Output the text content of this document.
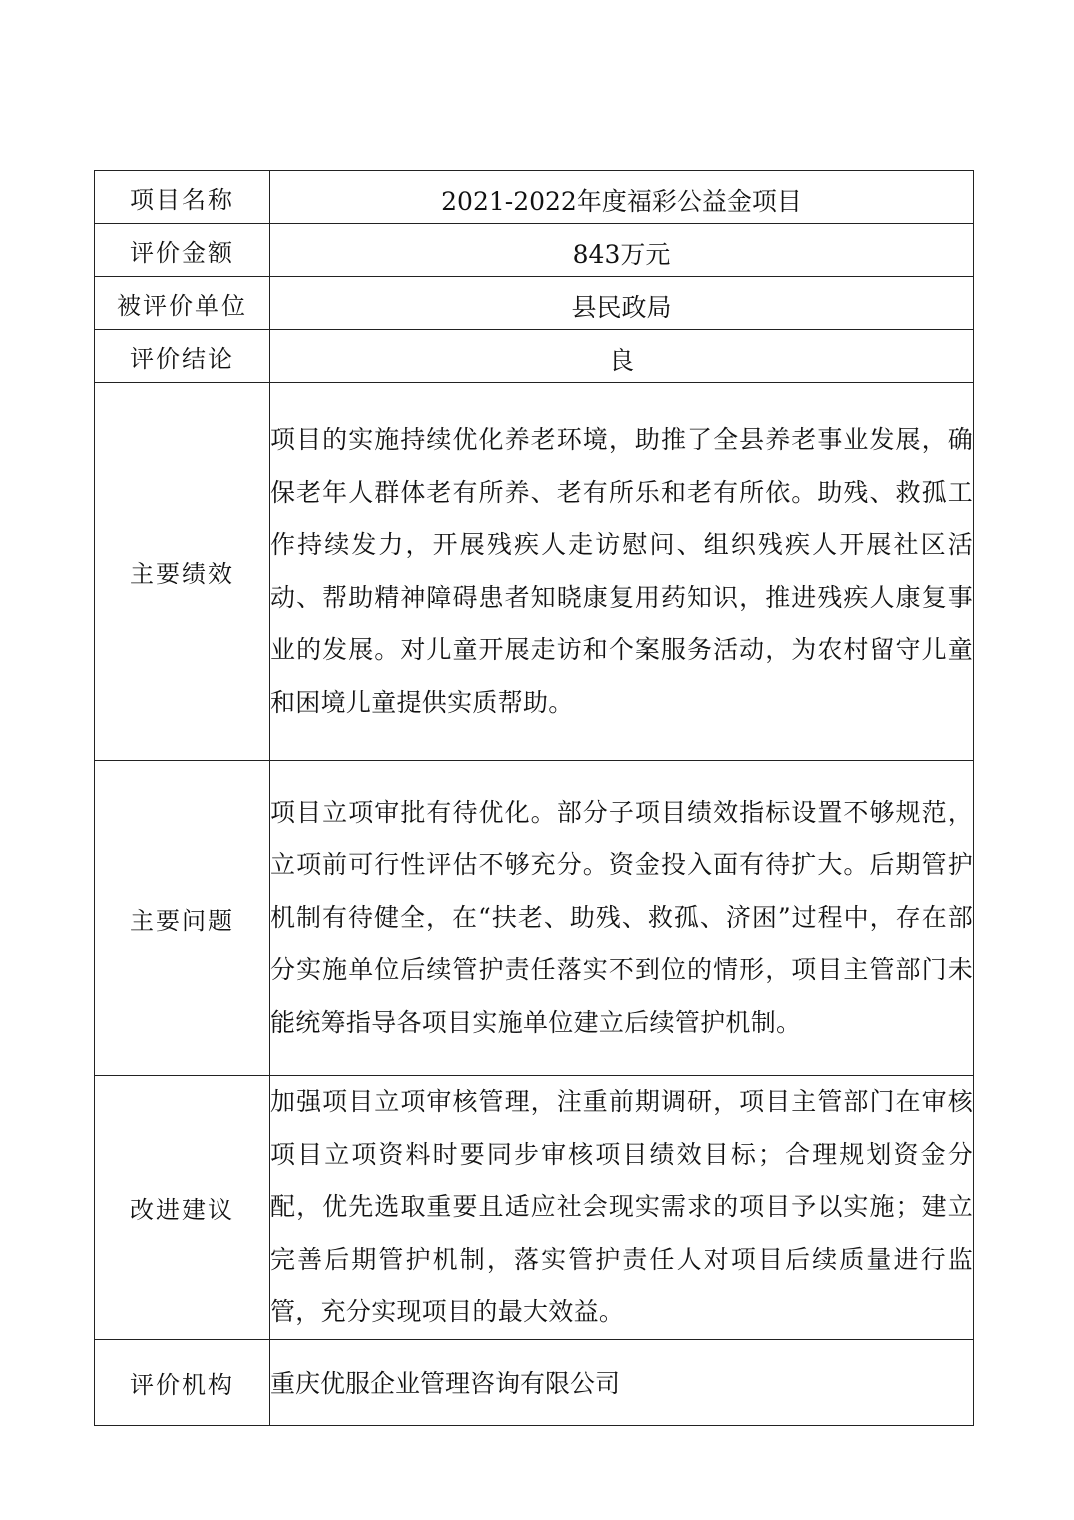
项目名称	2021-2022年度福彩公益金项目
评价金额	843万元
被评价单位	县民政局
评价结论	良
主要绩效	项目的实施持续优化养老环境，助推了全县养老事业发展，确保老年人群体老有所养、老有所乐和老有所依。助残、救孤工作持续发力，开展残疾人走访慰问、组织残疾人开展社区活动、帮助精神障碍患者知晓康复用药知识，推进残疾人康复事业的发展。对儿童开展走访和个案服务活动，为农村留守儿童和困境儿童提供实质帮助。
主要问题	项目立项审批有待优化。部分子项目绩效指标设置不够规范，立项前可行性评估不够充分。资金投入面有待扩大。后期管护机制有待健全，在“扶老、助残、救孤、济困”过程中，存在部分实施单位后续管护责任落实不到位的情形，项目主管部门未能统筹指导各项目实施单位建立后续管护机制。
改进建议	加强项目立项审核管理，注重前期调研，项目主管部门在审核项目立项资料时要同步审核项目绩效目标；合理规划资金分配，优先选取重要且适应社会现实需求的项目予以实施；建立完善后期管护机制，落实管护责任人对项目后续质量进行监管，充分实现项目的最大效益。
评价机构	重庆优服企业管理咨询有限公司
